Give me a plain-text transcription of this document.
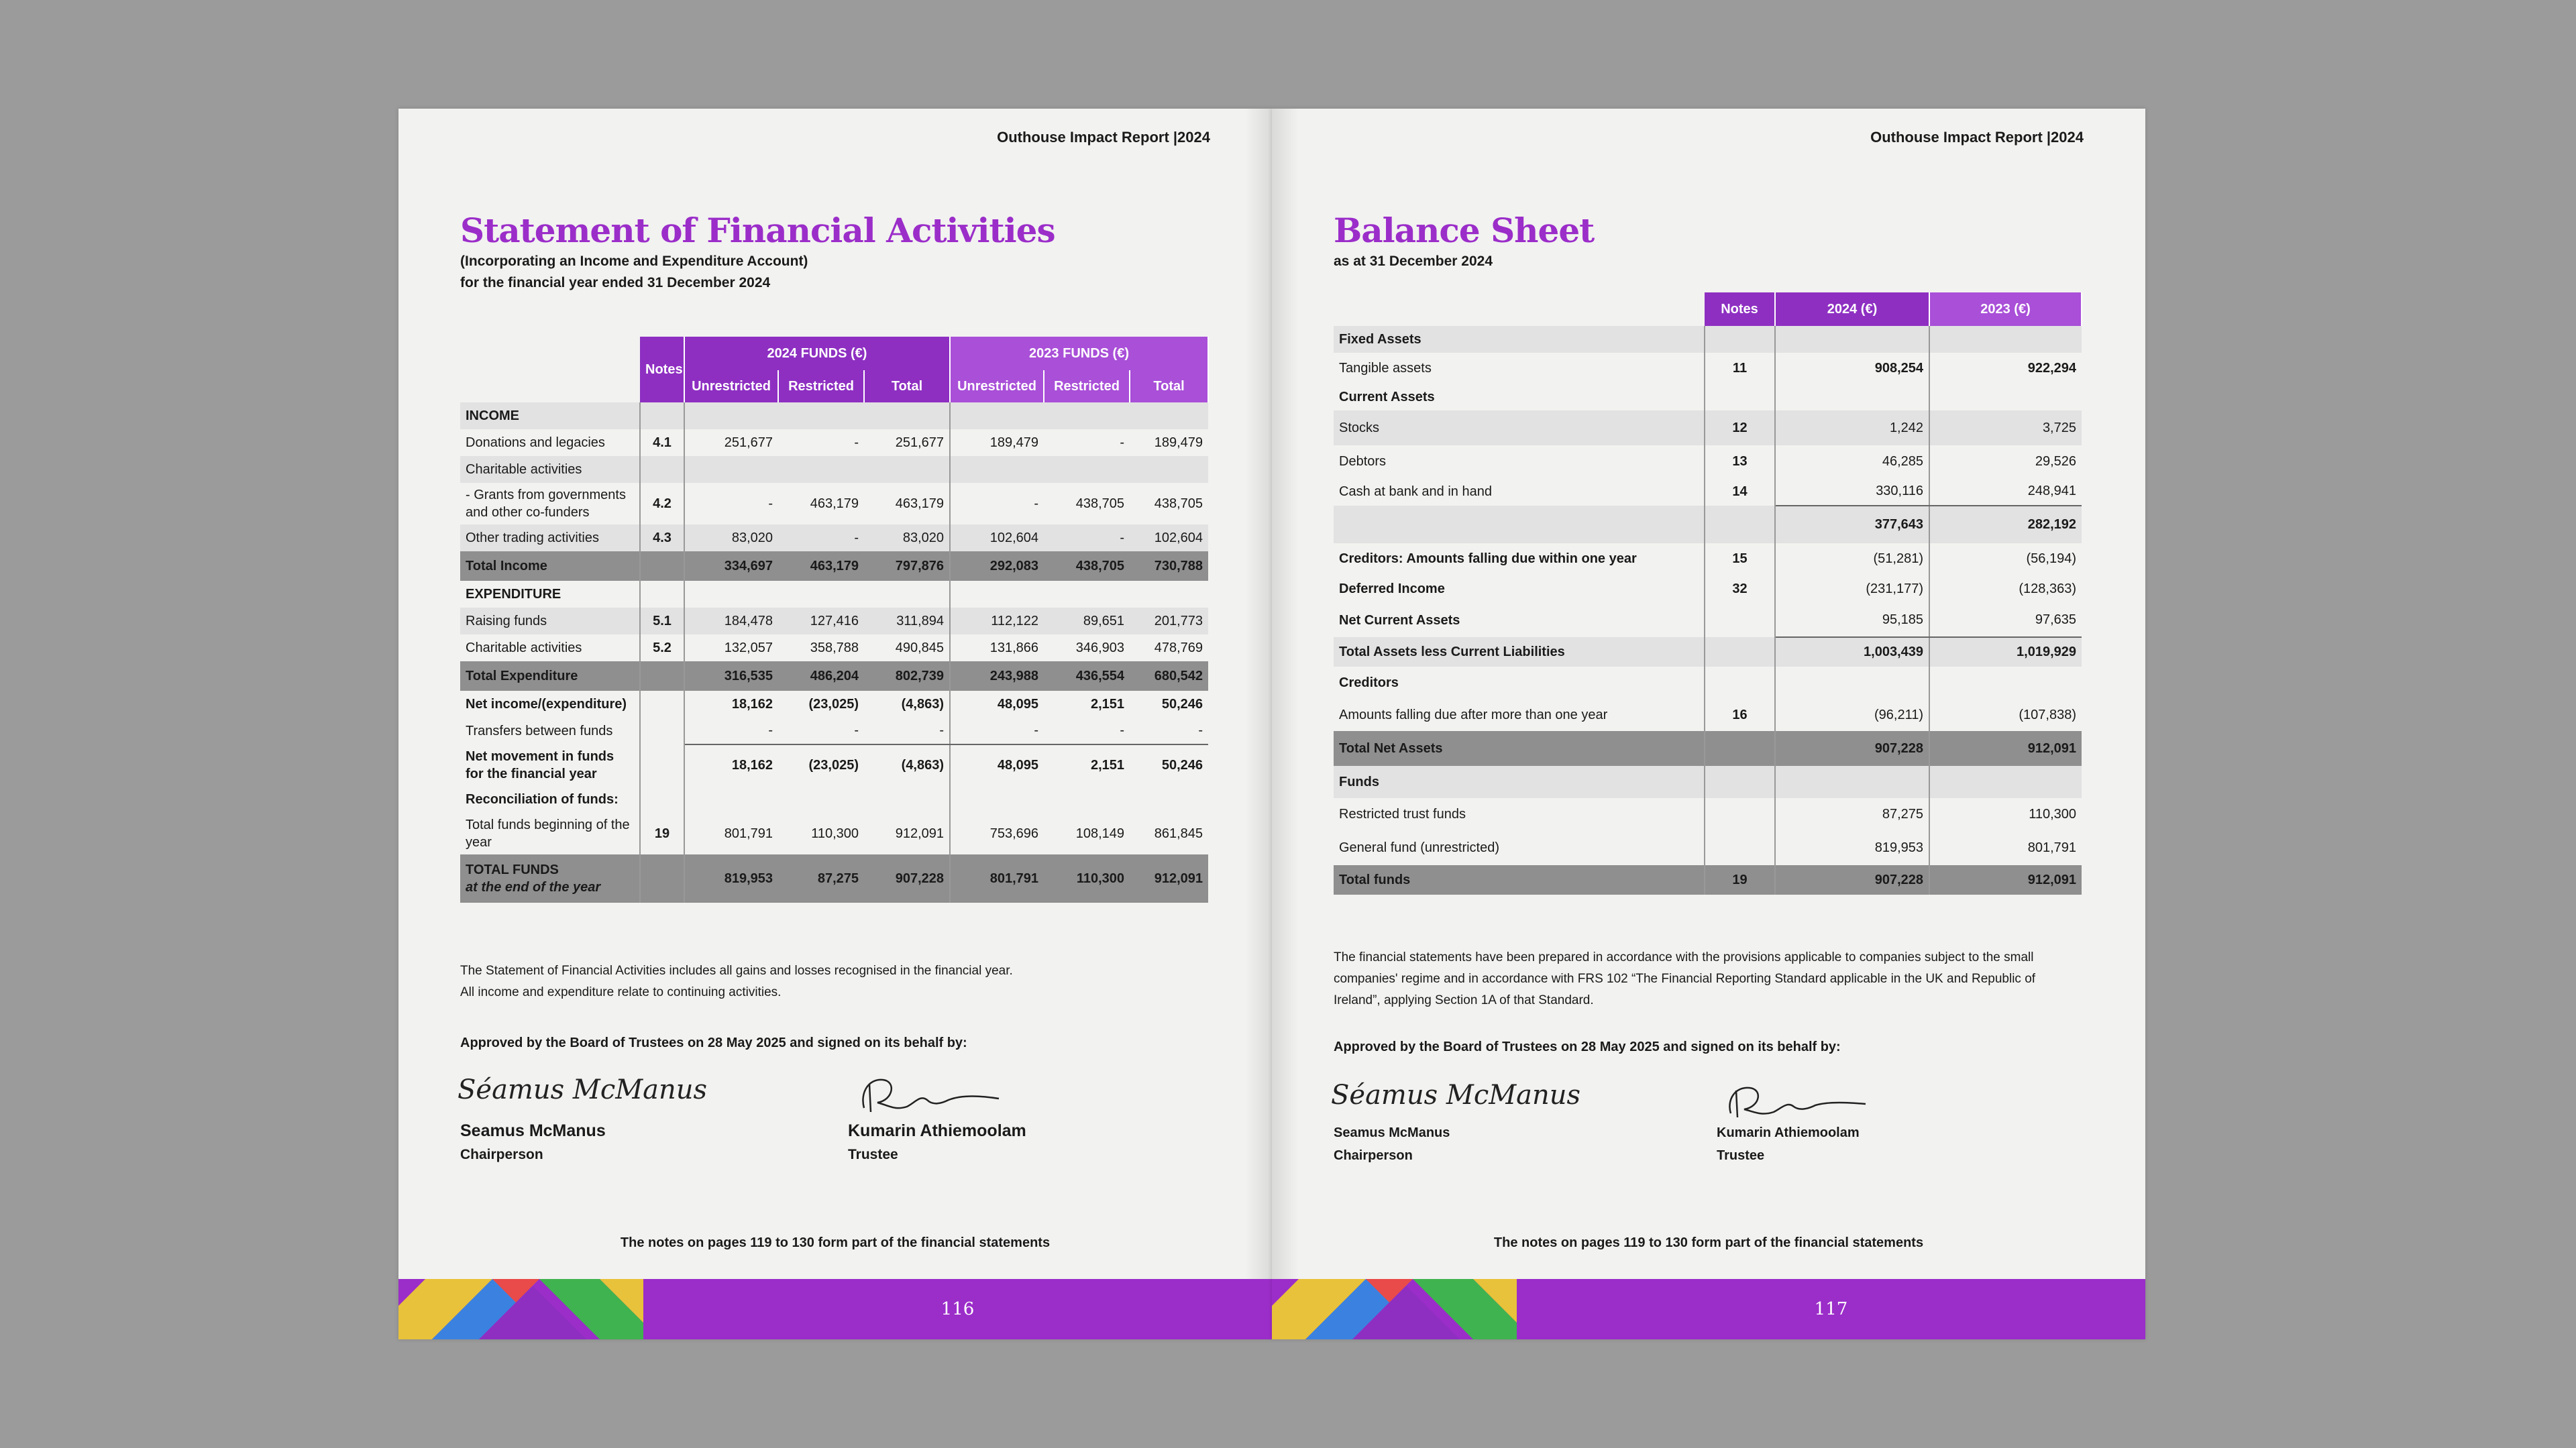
Outhouse Impact Report |2024
Statement of Financial Activities
(Incorporating an Income and Expenditure Account)
for the financial year ended 31 December 2024
	Notes	2024 FUNDS (€)			2023 FUNDS (€)		
		Unrestricted	Restricted	Total	Unrestricted	Restricted	Total
INCOME							
Donations and legacies	4.1	251,677	-	251,677	189,479	-	189,479
Charitable activities							
- Grants from governments and other co-funders	4.2	-	463,179	463,179	-	438,705	438,705
Other trading activities	4.3	83,020	-	83,020	102,604	-	102,604
Total Income		334,697	463,179	797,876	292,083	438,705	730,788
EXPENDITURE							
Raising funds	5.1	184,478	127,416	311,894	112,122	89,651	201,773
Charitable activities	5.2	132,057	358,788	490,845	131,866	346,903	478,769
Total Expenditure		316,535	486,204	802,739	243,988	436,554	680,542
Net income/(expenditure)		18,162	(23,025)	(4,863)	48,095	2,151	50,246
Transfers between funds		-	-	-	-	-	-
Net movement in funds for the financial year		18,162	(23,025)	(4,863)	48,095	2,151	50,246
Reconciliation of funds:							
Total funds beginning of the year	19	801,791	110,300	912,091	753,696	108,149	861,845
TOTAL FUNDS
at the end of the year		819,953	87,275	907,228	801,791	110,300	912,091

The Statement of Financial Activities includes all gains and losses recognised in the financial year.
All income and expenditure relate to continuing activities.

Approved by the Board of Trustees on 28 May 2025 and signed on its behalf by:
Séamus McManus
Seamus McManus
Chairperson
Kumarin Athiemoolam
Trustee
The notes on pages 119 to 130 form part of the financial statements
116
Outhouse Impact Report |2024
Balance Sheet
as at 31 December 2024
	Notes	2024 (€)	2023 (€)
Fixed Assets			
Tangible assets	11	908,254	922,294
Current Assets			
Stocks	12	1,242	3,725
Debtors	13	46,285	29,526
Cash at bank and in hand	14	330,116	248,941
		377,643	282,192
Creditors: Amounts falling due within one year	15	(51,281)	(56,194)
Deferred Income	32	(231,177)	(128,363)
Net Current Assets		95,185	97,635
Total Assets less Current Liabilities		1,003,439	1,019,929
Creditors			
Amounts falling due after more than one year	16	(96,211)	(107,838)
Total Net Assets		907,228	912,091
Funds			
Restricted trust funds		87,275	110,300
General fund (unrestricted)		819,953	801,791
Total funds	19	907,228	912,091

The financial statements have been prepared in accordance with the provisions applicable to companies subject to the small
companies' regime and in accordance with FRS 102 “The Financial Reporting Standard applicable in the UK and Republic of
Ireland”, applying Section 1A of that Standard.

Approved by the Board of Trustees on 28 May 2025 and signed on its behalf by:
Séamus McManus
Seamus McManus
Chairperson
Kumarin Athiemoolam
Trustee
The notes on pages 119 to 130 form part of the financial statements
117
